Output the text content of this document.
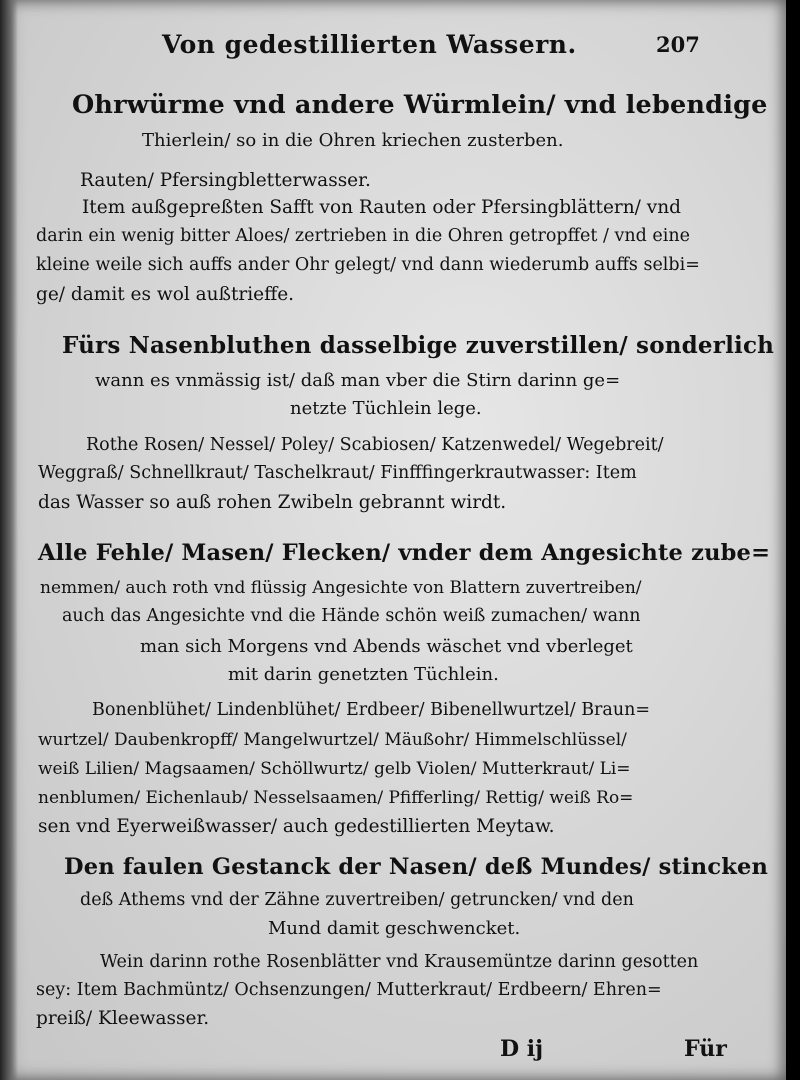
Von gedestillierten Wassern.	207
Ohrwürme vnd andere Würmlein/ vnd lebendige
Thierlein/ so in die Ohren kriechen zusterben.
Rauten/ Pfersingbletterwasser.
Item außgepreßten Safft von Rauten oder Pfersingblättern/ vnd
darin ein wenig bitter Aloes/ zertrieben in die Ohren getropffet / vnd eine
kleine weile sich auffs ander Ohr gelegt/ vnd dann wiederumb auffs selbi=
ge/ damit es wol außtrieffe.
Fürs Nasenbluthen dasselbige zuverstillen/ sonderlich
wann es vnmässig ist/ daß man vber die Stirn darinn ge=
netzte Tüchlein lege.
Rothe Rosen/ Nessel/ Poley/ Scabiosen/ Katzenwedel/ Wegebreit/
Weggraß/ Schnellkraut/ Taschelkraut/ Finfffingerkrautwasser: Item
das Wasser so auß rohen Zwibeln gebrannt wirdt.
Alle Fehle/ Masen/ Flecken/ vnder dem Angesichte zube=
nemmen/ auch roth vnd flüssig Angesichte von Blattern zuvertreiben/
auch das Angesichte vnd die Hände schön weiß zumachen/ wann
man sich Morgens vnd Abends wäschet vnd vberleget
mit darin genetzten Tüchlein.
Bonenblühet/ Lindenblühet/ Erdbeer/ Bibenellwurtzel/ Braun=
wurtzel/ Daubenkropff/ Mangelwurtzel/ Mäußohr/ Himmelschlüssel/
weiß Lilien/ Magsaamen/ Schöllwurtz/ gelb Violen/ Mutterkraut/ Li=
nenblumen/ Eichenlaub/ Nesselsaamen/ Pfifferling/ Rettig/ weiß Ro=
sen vnd Eyerweißwasser/ auch gedestillierten Meytaw.
Den faulen Gestanck der Nasen/ deß Mundes/ stincken
deß Athems vnd der Zähne zuvertreiben/ getruncken/ vnd den
Mund damit geschwencket.
Wein darinn rothe Rosenblätter vnd Krausemüntze darinn gesotten
sey: Item Bachmüntz/ Ochsenzungen/ Mutterkraut/ Erdbeern/ Ehren=
preiß/ Kleewasser.
D ij	Für
